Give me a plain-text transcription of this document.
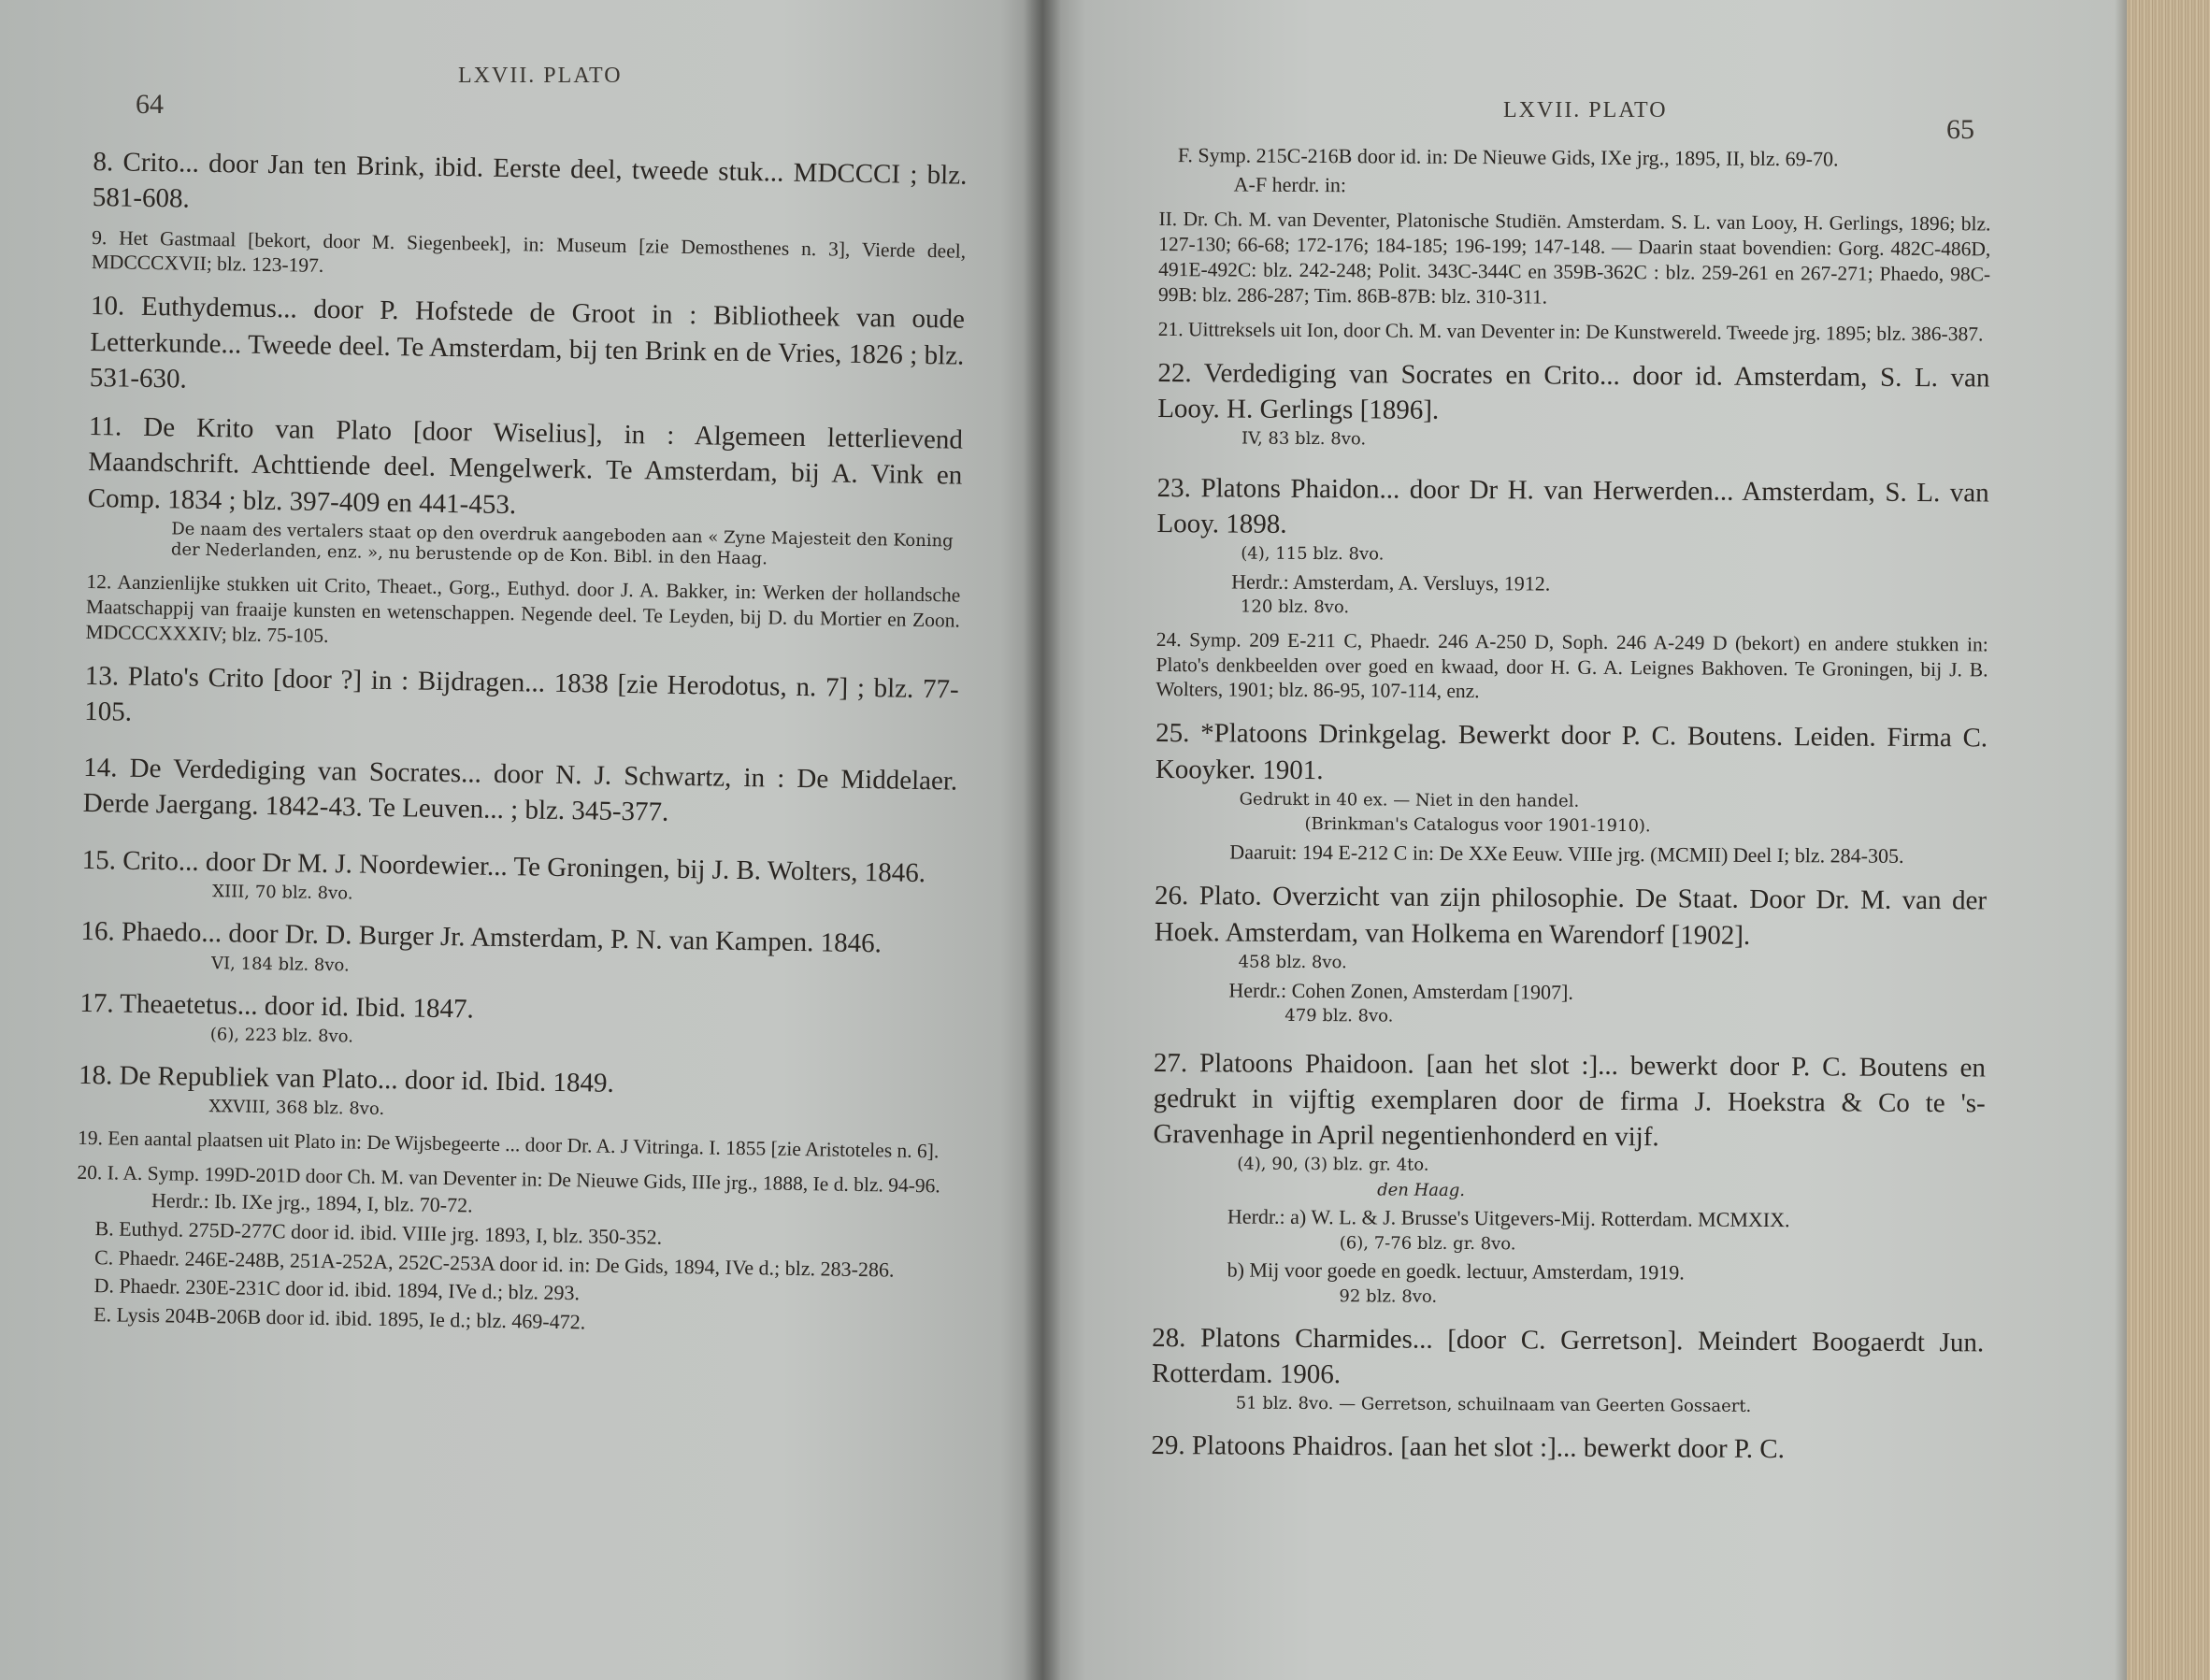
64
LXVII. PLATO

8. Crito... door Jan ten Brink, ibid. Eerste deel, tweede stuk... MDCCCI ; blz. 581-608.

9. Het Gastmaal [bekort, door M. Siegenbeek], in: Museum [zie Demosthenes n. 3], Vierde deel, MDCCCXVII; blz. 123-197.

10. Euthydemus... door P. Hofstede de Groot in : Bibliotheek van oude Letterkunde... Tweede deel. Te Amsterdam, bij ten Brink en de Vries, 1826 ; blz. 531-630.

11. De Krito van Plato [door Wiselius], in : Algemeen letterlievend Maandschrift. Achttiende deel. Mengelwerk. Te Amsterdam, bij A. Vink en Comp. 1834 ; blz. 397-409 en 441-453.

De naam des vertalers staat op den overdruk aangeboden aan « Zyne Majesteit den Koning der Nederlanden, enz. », nu berustende op de Kon. Bibl. in den Haag.

12. Aanzienlijke stukken uit Crito, Theaet., Gorg., Euthyd. door J. A. Bakker, in: Werken der hollandsche Maatschappij van fraaije kunsten en wetenschappen. Negende deel. Te Leyden, bij D. du Mortier en Zoon. MDCCCXXXIV; blz. 75-105.

13. Plato's Crito [door ?] in : Bijdragen... 1838 [zie Herodotus, n. 7] ; blz. 77-105.

14. De Verdediging van Socrates... door N. J. Schwartz, in : De Middelaer. Derde Jaergang. 1842-43. Te Leuven... ; blz. 345-377.

15. Crito... door Dr M. J. Noordewier... Te Groningen, bij J. B. Wolters, 1846.

XIII, 70 blz. 8vo.

16. Phaedo... door Dr. D. Burger Jr. Amsterdam, P. N. van Kampen. 1846.

VI, 184 blz. 8vo.

17. Theaetetus... door id. Ibid. 1847.

(6), 223 blz. 8vo.

18. De Republiek van Plato... door id. Ibid. 1849.

XXVIII, 368 blz. 8vo.

19. Een aantal plaatsen uit Plato in: De Wijsbegeerte ... door Dr. A. J Vitringa. I. 1855 [zie Aristoteles n. 6].

20. I. A. Symp. 199D-201D door Ch. M. van Deventer in: De Nieuwe Gids, IIIe jrg., 1888, Ie d. blz. 94-96.

Herdr.: Ib. IXe jrg., 1894, I, blz. 70-72.

B. Euthyd. 275D-277C door id. ibid. VIIIe jrg. 1893, I, blz. 350-352.

C. Phaedr. 246E-248B, 251A-252A, 252C-253A door id. in: De Gids, 1894, IVe d.; blz. 283-286.

D. Phaedr. 230E-231C door id. ibid. 1894, IVe d.; blz. 293.

E. Lysis 204B-206B door id. ibid. 1895, Ie d.; blz. 469-472.

LXVII. PLATO
65

F. Symp. 215C-216B door id. in: De Nieuwe Gids, IXe jrg., 1895, II, blz. 69-70.

A-F herdr. in:

II. Dr. Ch. M. van Deventer, Platonische Studiën. Amsterdam. S. L. van Looy, H. Gerlings, 1896; blz. 127-130; 66-68; 172-176; 184-185; 196-199; 147-148. — Daarin staat bovendien: Gorg. 482C-486D, 491E-492C: blz. 242-248; Polit. 343C-344C en 359B-362C : blz. 259-261 en 267-271; Phaedo, 98C-99B: blz. 286-287; Tim. 86B-87B: blz. 310-311.

21. Uittreksels uit Ion, door Ch. M. van Deventer in: De Kunstwereld. Tweede jrg. 1895; blz. 386-387.

22. Verdediging van Socrates en Crito... door id. Amsterdam, S. L. van Looy. H. Gerlings [1896].

IV, 83 blz. 8vo.

23. Platons Phaidon... door Dr H. van Herwerden... Amsterdam, S. L. van Looy. 1898.

(4), 115 blz. 8vo.

Herdr.: Amsterdam, A. Versluys, 1912.

120 blz. 8vo.

24. Symp. 209 E-211 C, Phaedr. 246 A-250 D, Soph. 246 A-249 D (bekort) en andere stukken in: Plato's denkbeelden over goed en kwaad, door H. G. A. Leignes Bakhoven. Te Groningen, bij J. B. Wolters, 1901; blz. 86-95, 107-114, enz.

25. *Platoons Drinkgelag. Bewerkt door P. C. Boutens. Leiden. Firma C. Kooyker. 1901.

Gedrukt in 40 ex. — Niet in den handel.

(Brinkman's Catalogus voor 1901-1910).

Daaruit: 194 E-212 C in: De XXe Eeuw. VIIIe jrg. (MCMII) Deel I; blz. 284-305.

26. Plato. Overzicht van zijn philosophie. De Staat. Door Dr. M. van der Hoek. Amsterdam, van Holkema en Warendorf [1902].

458 blz. 8vo.

Herdr.: Cohen Zonen, Amsterdam [1907].

479 blz. 8vo.

27. Platoons Phaidoon. [aan het slot :]... bewerkt door P. C. Boutens en gedrukt in vijftig exemplaren door de firma J. Hoekstra & Co te 's-Gravenhage in April negentienhonderd en vijf.

(4), 90, (3) blz. gr. 4to.

den Haag.

Herdr.: a) W. L. & J. Brusse's Uitgevers-Mij. Rotterdam. MCMXIX.

(6), 7-76 blz. gr. 8vo.

b) Mij voor goede en goedk. lectuur, Amsterdam, 1919.

92 blz. 8vo.

28. Platons Charmides... [door C. Gerretson]. Meindert Boogaerdt Jun. Rotterdam. 1906.

51 blz. 8vo. — Gerretson, schuilnaam van Geerten Gossaert.

29. Platoons Phaidros. [aan het slot :]... bewerkt door P. C.
